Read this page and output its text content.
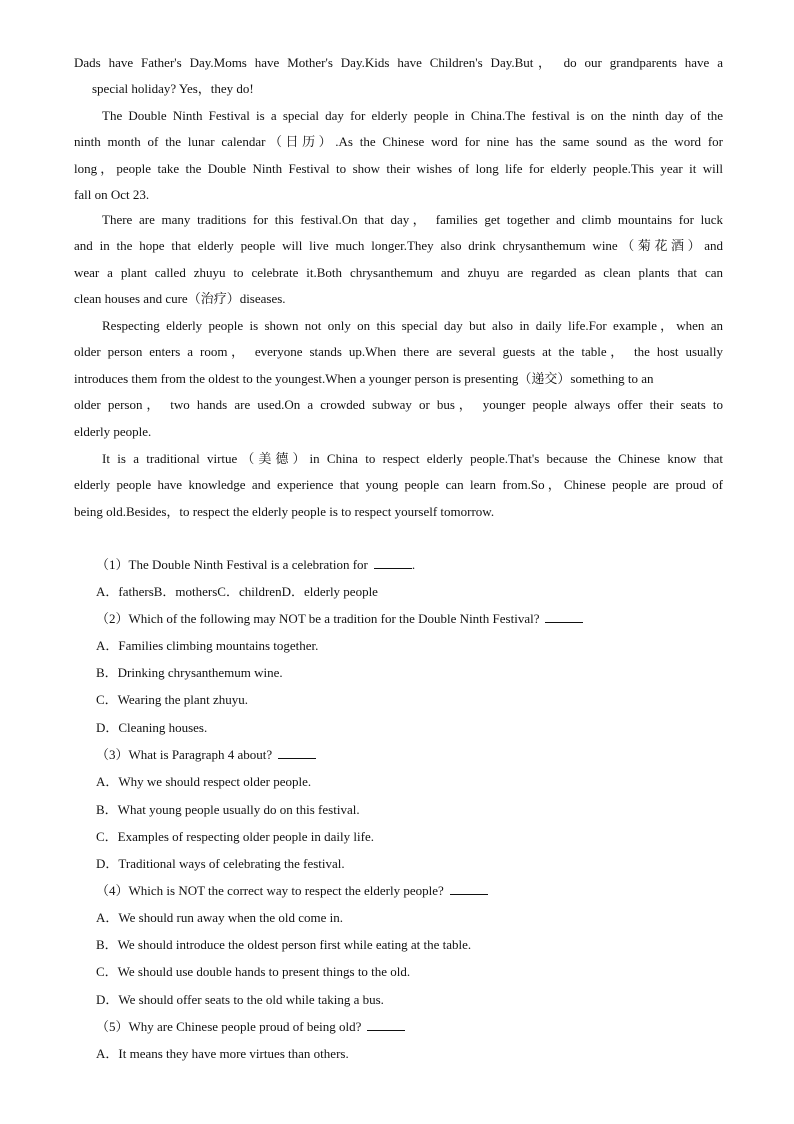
Dads have Father's Day.Moms have Mother's Day.Kids have Children's Day.But， do our grandparents have a
special holiday? Yes，they do!
The Double Ninth Festival is a special day for elderly people in China.The festival is on the ninth day of the
ninth month of the lunar calendar（日历）.As the Chinese word for nine has the same sound as the word for
long，people take the Double Ninth Festival to show their wishes of long life for elderly people.This year it will
fall on Oct 23.
There are many traditions for this festival.On that day， families get together and climb mountains for luck
and in the hope that elderly people will live much longer.They also drink chrysanthemum wine（菊花酒）and
wear a plant called zhuyu to celebrate it.Both chrysanthemum and zhuyu are regarded as clean plants that can
clean houses and cure（治疗）diseases.
Respecting elderly people is shown not only on this special day but also in daily life.For example，when an
older person enters a room， everyone stands up.When there are several guests at the table， the host usually
introduces them from the oldest to the youngest.When a younger person is presenting（递交）something to an
older person， two hands are used.On a crowded subway or bus， younger people always offer their seats to
elderly people.
It is a traditional virtue（美德）in China to respect elderly people.That's because the Chinese know that
elderly people have knowledge and experience that young people can learn from.So，Chinese people are proud of
being old.Besides，to respect the elderly people is to respect yourself tomorrow.
（1）The Double Ninth Festival is a celebration for	.
A．fathersB．mothersC．childrenD．elderly people
（2）Which of the following may NOT be a tradition for the Double Ninth Festival?
A．Families climbing mountains together.
B．Drinking chrysanthemum wine.
C．Wearing the plant zhuyu.
D．Cleaning houses.
（3）What is Paragraph 4 about?
A．Why we should respect older people.
B．What young people usually do on this festival.
C．Examples of respecting older people in daily life.
D．Traditional ways of celebrating the festival.
（4）Which is NOT the correct way to respect the elderly people?
A．We should run away when the old come in.
B．We should introduce the oldest person first while eating at the table.
C．We should use double hands to present things to the old.
D．We should offer seats to the old while taking a bus.
（5）Why are Chinese people proud of being old?
A．It means they have more virtues than others.
